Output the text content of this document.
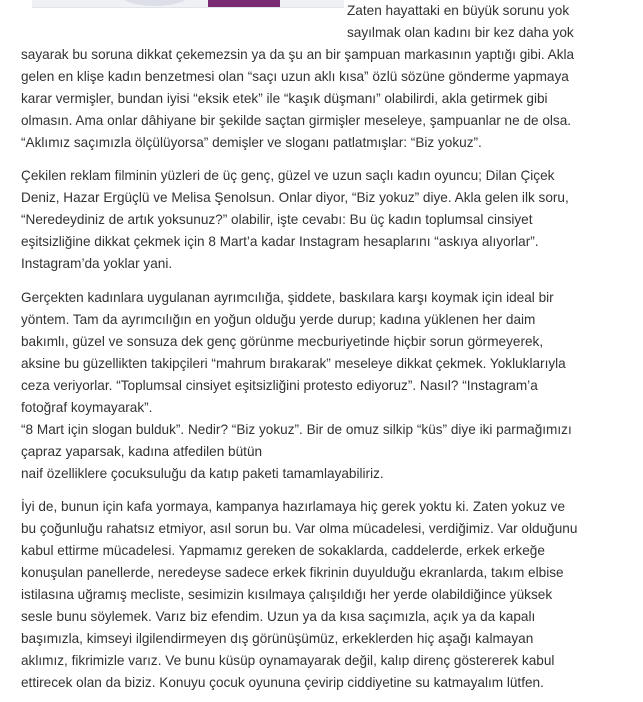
Zaten hayattaki en büyük sorunu yok
sayılmak olan kadını bir kez daha yok

sayarak bu soruna dikkat çekemezsin ya da şu an bir şampuan markasının yaptığı gibi. Akla
gelen en klişe kadın benzetmesi olan “saçı uzun aklı kısa” özlü sözüne gönderme yapmaya
karar vermişler, bundan iyisi “eksik etek” ile “kaşık düşmanı” olabilirdi, akla getirmek gibi
olmasın. Ama onlar dâhiyane bir şekilde saçtan girmişler meseleye, şampuanlar ne de olsa.
“Aklımız saçımızla ölçülüyorsa” demişler ve sloganı patlatmışlar: “Biz yokuz”.

Çekilen reklam filminin yüzleri de üç genç, güzel ve uzun saçlı kadın oyuncu; Dilan Çiçek
Deniz, Hazar Ergüçlü ve Melisa Şenolsun. Onlar diyor, “Biz yokuz” diye. Akla gelen ilk soru,
“Neredeydiniz de artık yoksunuz?” olabilir, işte cevabı: Bu üç kadın toplumsal cinsiyet
eşitsizliğine dikkat çekmek için 8 Mart’a kadar Instagram hesaplarını “askıya alıyorlar”.
Instagram’da yoklar yani.

Gerçekten kadınlara uygulanan ayrımcılığa, şiddete, baskılara karşı koymak için ideal bir
yöntem. Tam da ayrımcılığın en yoğun olduğu yerde durup; kadına yüklenen her daim
bakımlı, güzel ve sonsuza dek genç görünme mecburiyetinde hiçbir sorun görmeyerek,
aksine bu güzellikten takipçileri “mahrum bırakarak” meseleye dikkat çekmek. Yokluklarıyla
ceza veriyorlar. “Toplumsal cinsiyet eşitsizliğini protesto ediyoruz”. Nasıl? “Instagram’a
fotoğraf koymayarak”.
“8 Mart için slogan bulduk”. Nedir? “Biz yokuz”. Bir de omuz silkip “küs” diye iki parmağımızı
çapraz yaparsak, kadına atfedilen bütün
naif özelliklere çocuksuluğu da katıp paketi tamamlayabiliriz.

İyi de, bunun için kafa yormaya, kampanya hazırlamaya hiç gerek yoktu ki. Zaten yokuz ve
bu çoğunluğu rahatsız etmiyor, asıl sorun bu. Var olma mücadelesi, verdiğimiz. Var olduğunu
kabul ettirme mücadelesi. Yapmamız gereken de sokaklarda, caddelerde, erkek erkeğe
konuşulan panellerde, neredeyse sadece erkek fikrinin duyulduğu ekranlarda, takım elbise
istilasına uğramış mecliste, sesimizin kısılmaya çalışıldığı her yerde olabildiğince yüksek
sesle bunu söylemek. Varız biz efendim. Uzun ya da kısa saçımızla, açık ya da kapalı
başımızla, kimseyi ilgilendirmeyen dış görünüşümüz, erkeklerden hiç aşağı kalmayan
aklımız, fikrimizle varız. Ve bunu küsüp oynamayarak değil, kalıp direnç göstererek kabul
ettirecek olan da biziz. Konuyu çocuk oyununa çevirip ciddiyetine su katmayalım lütfen.
